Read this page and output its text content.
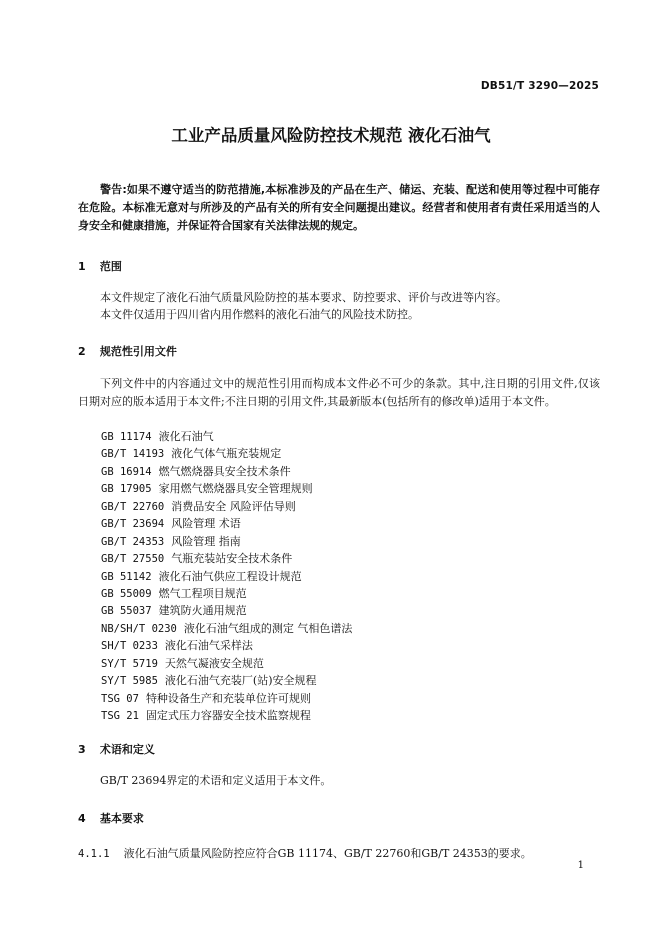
DB51/T 3290—2025
工业产品质量风险防控技术规范 液化石油气
警告:如果不遵守适当的防范措施,本标准涉及的产品在生产、储运、充装、配送和使用等过程中可能存在危险。本标准无意对与所涉及的产品有关的所有安全问题提出建议。经营者和使用者有责任采用适当的人身安全和健康措施，并保证符合国家有关法律法规的规定。
1 范围
本文件规定了液化石油气质量风险防控的基本要求、防控要求、评价与改进等内容。
本文件仅适用于四川省内用作燃料的液化石油气的风险技术防控。
2 规范性引用文件
下列文件中的内容通过文中的规范性引用而构成本文件必不可少的条款。其中,注日期的引用文件,仅该日期对应的版本适用于本文件;不注日期的引用文件,其最新版本(包括所有的修改单)适用于本文件。
GB 11174 液化石油气
GB/T 14193 液化气体气瓶充装规定
GB 16914 燃气燃烧器具安全技术条件
GB 17905 家用燃气燃烧器具安全管理规则
GB/T 22760 消费品安全 风险评估导则
GB/T 23694 风险管理 术语
GB/T 24353 风险管理 指南
GB/T 27550 气瓶充装站安全技术条件
GB 51142 液化石油气供应工程设计规范
GB 55009 燃气工程项目规范
GB 55037 建筑防火通用规范
NB/SH/T 0230 液化石油气组成的测定 气相色谱法
SH/T 0233 液化石油气采样法
SY/T 5719 天然气凝液安全规范
SY/T 5985 液化石油气充装厂(站)安全规程
TSG 07 特种设备生产和充装单位许可规则
TSG 21 固定式压力容器安全技术监察规程
3 术语和定义
GB/T 23694界定的术语和定义适用于本文件。
4 基本要求
4.1.1 液化石油气质量风险防控应符合GB 11174、GB/T 22760和GB/T 24353的要求。
1
